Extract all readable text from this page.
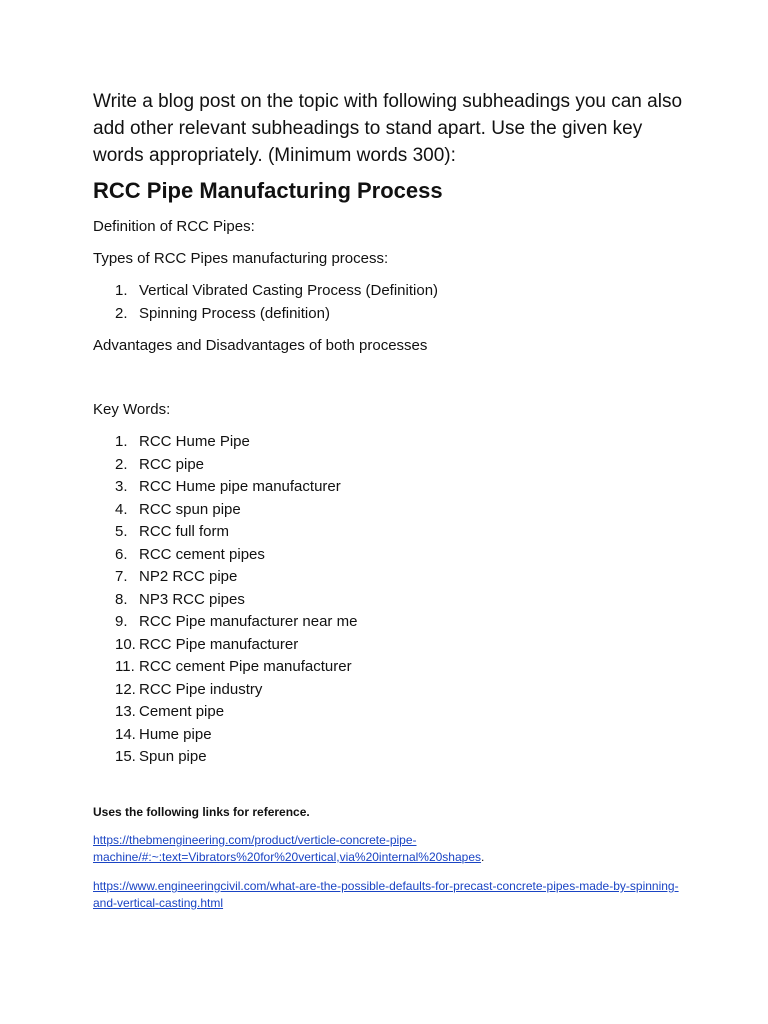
Write a blog post on the topic with following subheadings you can also add other relevant subheadings to stand apart. Use the given key words appropriately. (Minimum words 300):

RCC Pipe Manufacturing Process

Definition of RCC Pipes:

Types of RCC Pipes manufacturing process:

1. Vertical Vibrated Casting Process (Definition)
2. Spinning Process (definition)

Advantages and Disadvantages of both processes

Key Words:

1. RCC Hume Pipe
2. RCC pipe
3. RCC Hume pipe manufacturer
4. RCC spun pipe
5. RCC full form
6. RCC cement pipes
7. NP2 RCC pipe
8. NP3 RCC pipes
9. RCC Pipe manufacturer near me
10. RCC Pipe manufacturer
11. RCC cement Pipe manufacturer
12. RCC Pipe industry
13. Cement pipe
14. Hume pipe
15. Spun pipe

Uses the following links for reference.

https://thebmengineering.com/product/verticle-concrete-pipe-machine/#:~:text=Vibrators%20for%20vertical,via%20internal%20shapes.
https://www.engineeringcivil.com/what-are-the-possible-defaults-for-precast-concrete-pipes-made-by-spinning-and-vertical-casting.html
